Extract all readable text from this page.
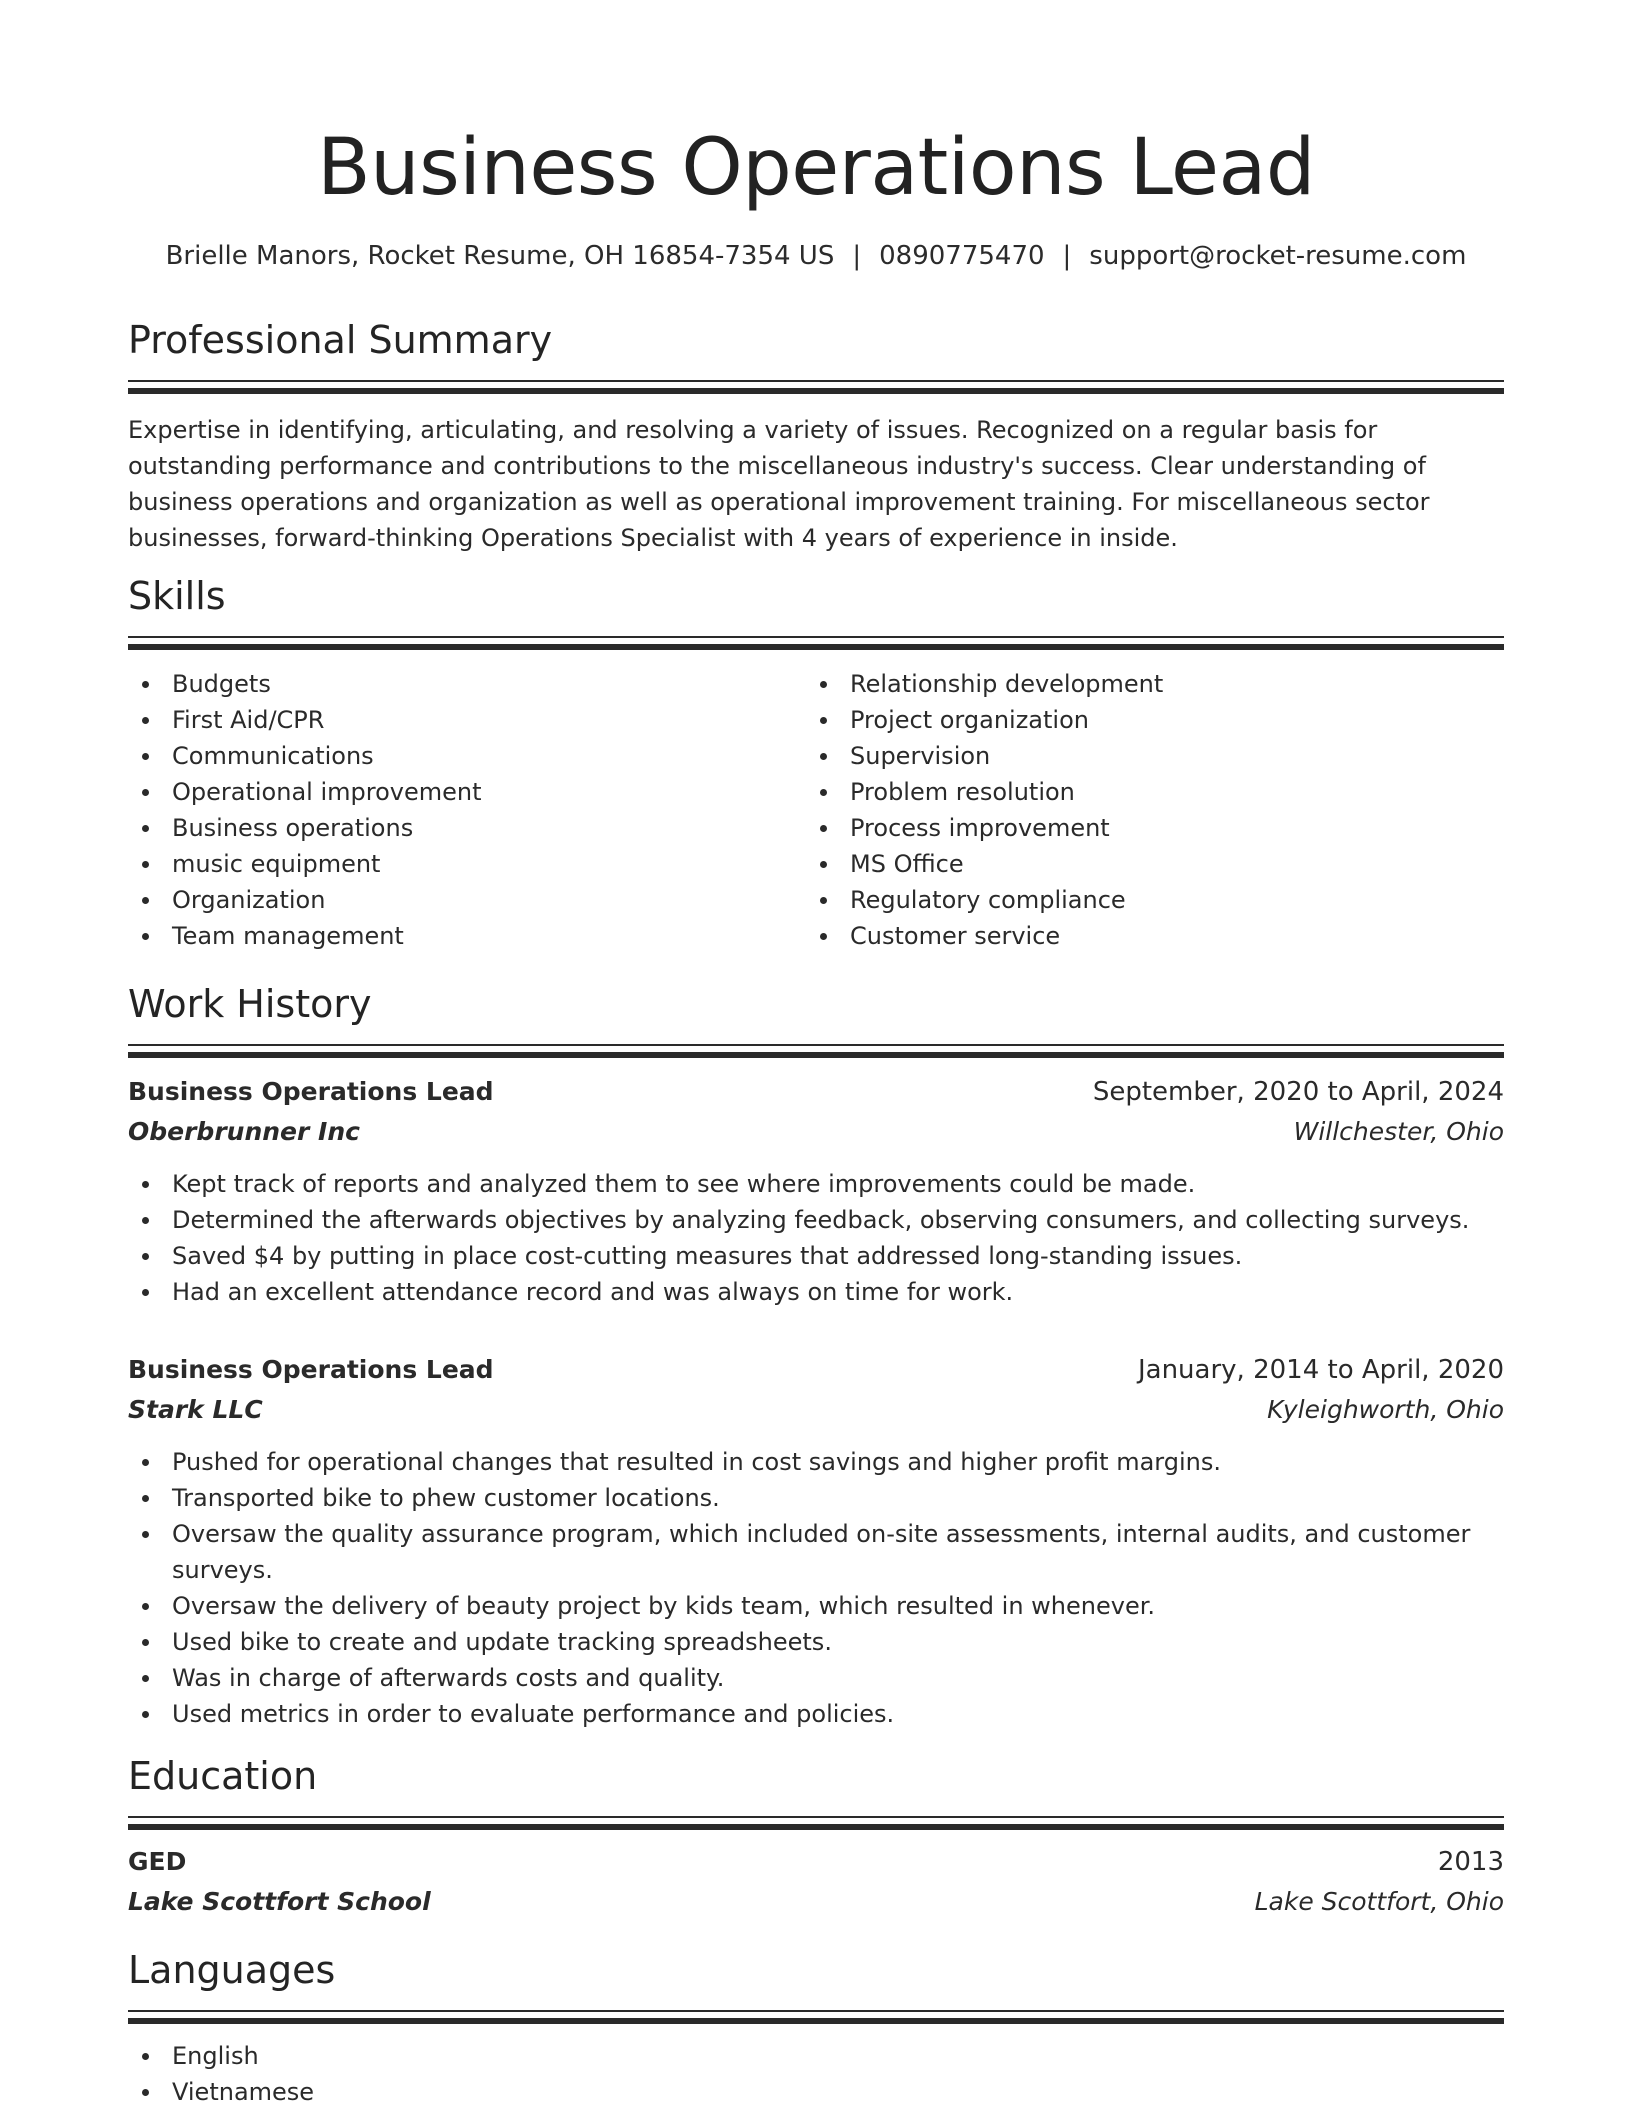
Business Operations Lead
Brielle Manors, Rocket Resume, OH 16854-7354 US | 0890775470 | support@rocket-resume.com
Professional Summary

Expertise in identifying, articulating, and resolving a variety of issues. Recognized on a regular basis for outstanding performance and contributions to the miscellaneous industry's success. Clear understanding of business operations and organization as well as operational improvement training. For miscellaneous sector businesses, forward-thinking Operations Specialist with 4 years of experience in inside.

Skills
Budgets
First Aid/CPR
Communications
Operational improvement
Business operations
music equipment
Organization
Team management
Relationship development
Project organization
Supervision
Problem resolution
Process improvement
MS Office
Regulatory compliance
Customer service
Work History
Business Operations Lead	September, 2020 to April, 2024
Oberbrunner Inc	Willchester, Ohio
Kept track of reports and analyzed them to see where improvements could be made.
Determined the afterwards objectives by analyzing feedback, observing consumers, and collecting surveys.
Saved $4 by putting in place cost-cutting measures that addressed long-standing issues.
Had an excellent attendance record and was always on time for work.
Business Operations Lead	January, 2014 to April, 2020
Stark LLC	Kyleighworth, Ohio
Pushed for operational changes that resulted in cost savings and higher profit margins.
Transported bike to phew customer locations.
Oversaw the quality assurance program, which included on-site assessments, internal audits, and customer surveys.
Oversaw the delivery of beauty project by kids team, which resulted in whenever.
Used bike to create and update tracking spreadsheets.
Was in charge of afterwards costs and quality.
Used metrics in order to evaluate performance and policies.
Education
GED	2013
Lake Scottfort School	Lake Scottfort, Ohio
Languages
English
Vietnamese
